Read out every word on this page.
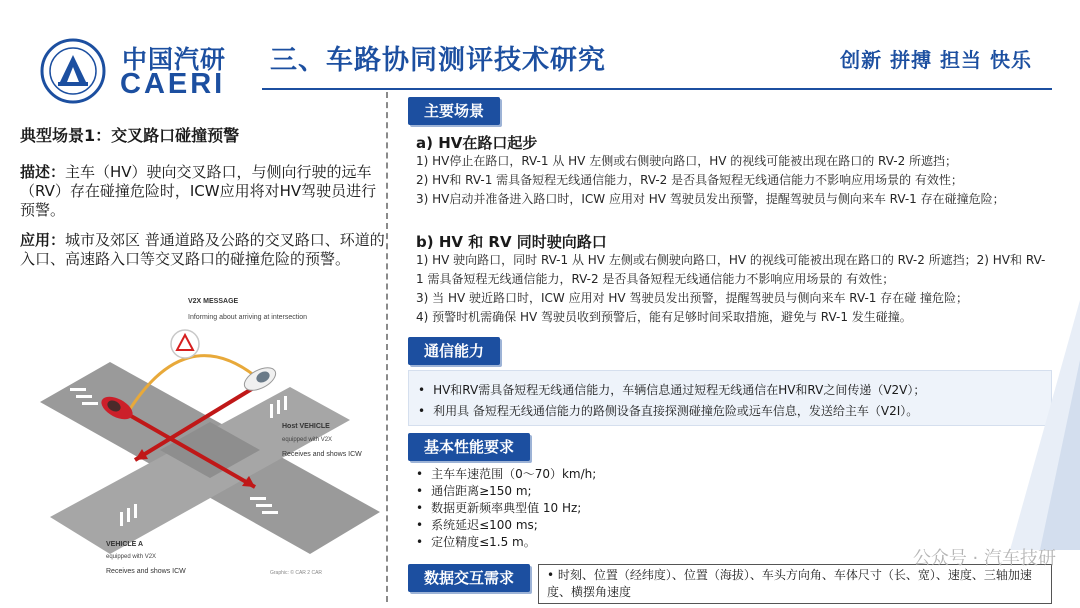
中国汽研
CAERI
三、车路协同测评技术研究	创新 拼搏 担当 快乐
典型场景1：交叉路口碰撞预警
描述：主车（HV）驶向交叉路口，与侧向行驶的远车（RV）存在碰撞危险时，ICW应用将对HV驾驶员进行预警。
应用：城市及郊区 普通道路及公路的交叉路口、环道的入口、高速路入口等交叉路口的碰撞危险的预警。
V2X MESSAGE
Informing about arriving at intersection
Host VEHICLE
equipped with V2X
Receives and shows ICW
VEHICLE A
equipped with V2X
Receives and shows ICW	Graphic: © CAR 2 CAR
主要场景
a) HV在路口起步
1) HV停止在路口，RV-1 从 HV 左侧或右侧驶向路口，HV 的视线可能被出现在路口的 RV-2 所遮挡；
2) HV和 RV-1 需具备短程无线通信能力，RV-2 是否具备短程无线通信能力不影响应用场景的 有效性；
3) HV启动并准备进入路口时，ICW 应用对 HV 驾驶员发出预警，提醒驾驶员与侧向来车 RV-1 存在碰撞危险；
b) HV 和 RV 同时驶向路口
1) HV 驶向路口，同时 RV-1 从 HV 左侧或右侧驶向路口，HV 的视线可能被出现在路口的 RV-2 所遮挡；2) HV和 RV-1 需具备短程无线通信能力，RV-2 是否具备短程无线通信能力不影响应用场景的 有效性；
3) 当 HV 驶近路口时，ICW 应用对 HV 驾驶员发出预警，提醒驾驶员与侧向来车 RV-1 存在碰 撞危险；
4) 预警时机需确保 HV 驾驶员收到预警后，能有足够时间采取措施，避免与 RV-1 发生碰撞。
通信能力
• HV和RV需具备短程无线通信能力，车辆信息通过短程无线通信在HV和RV之间传递（V2V）；
• 利用具 备短程无线通信能力的路侧设备直接探测碰撞危险或远车信息，发送给主车（V2I）。
基本性能要求
• 主车车速范围（0～70）km/h;
• 通信距离≥150 m;
• 数据更新频率典型值 10 Hz;
• 系统延迟≤100 ms;
• 定位精度≤1.5 m。
数据交互需求	• 时刻、位置（经纬度）、位置（海拔）、车头方向角、车体尺寸（长、宽）、速度、三轴加速度、横摆角速度
公众号 · 汽车技研
